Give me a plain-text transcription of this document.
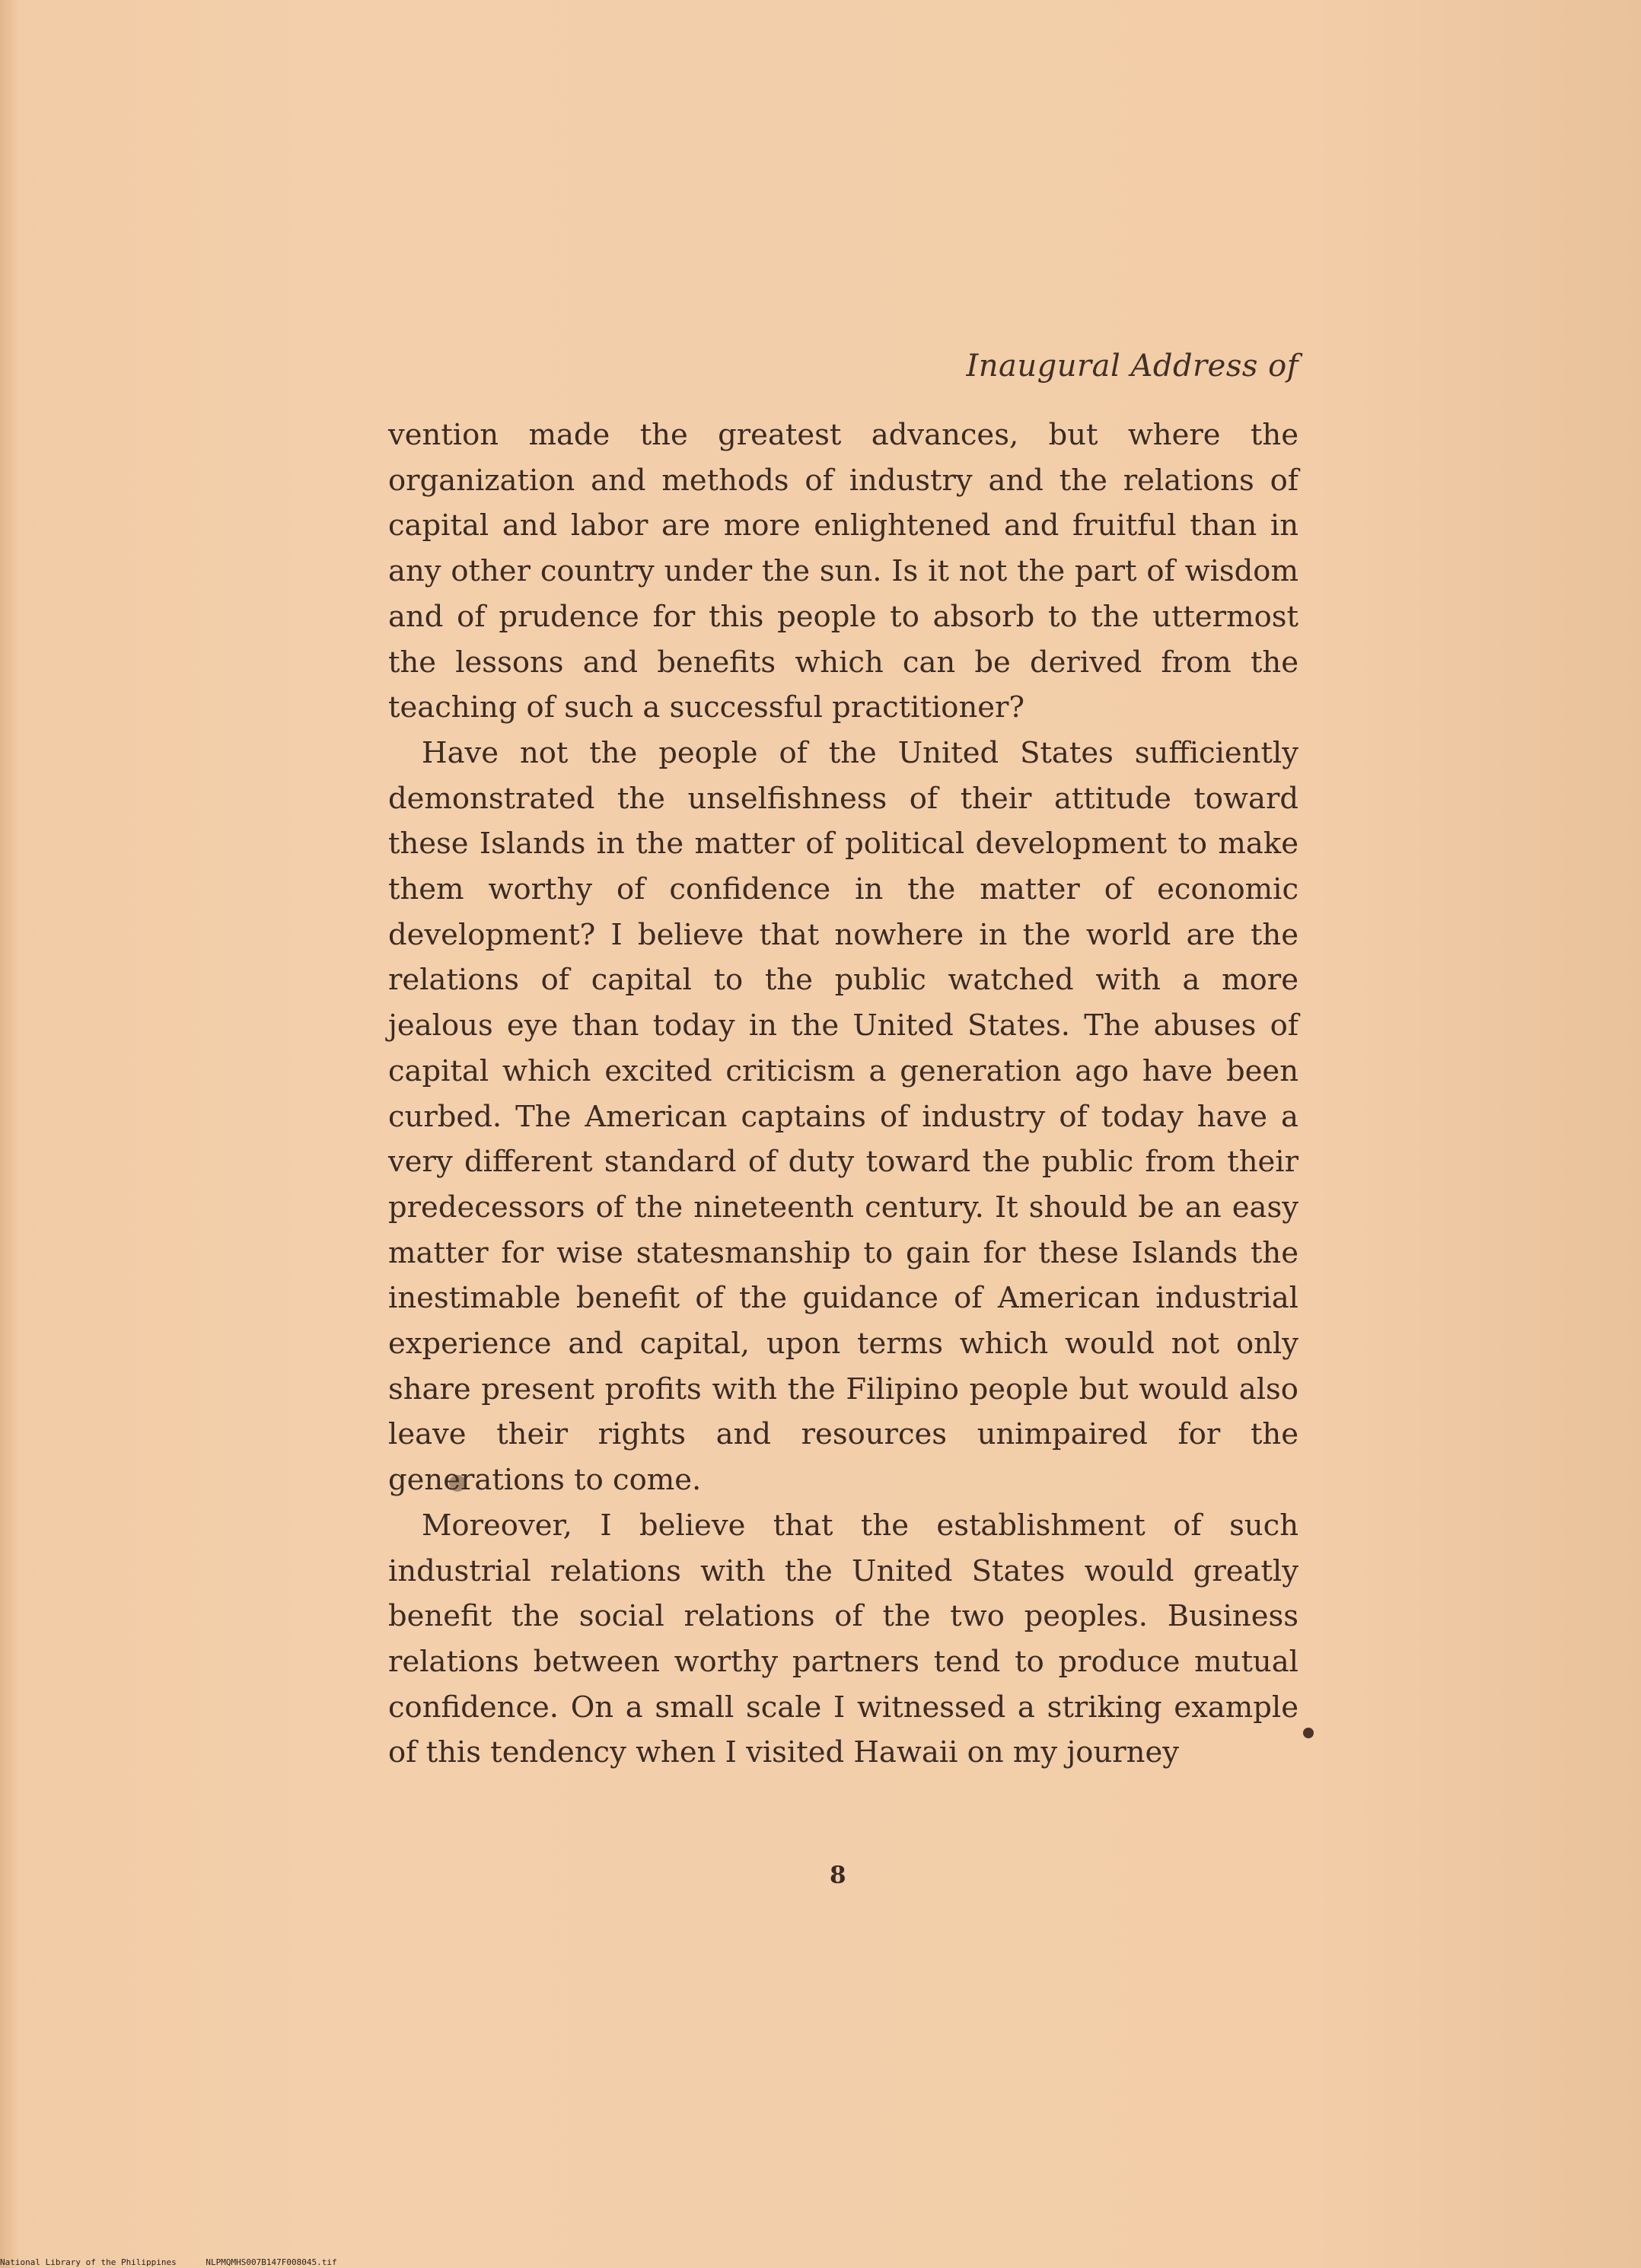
Inaugural Address of

vention made the greatest advances, but where the organization and methods of industry and the relations of capital and labor are more enlightened and fruitful than in any other country under the sun. Is it not the part of wisdom and of prudence for this people to absorb to the uttermost the lessons and benefits which can be derived from the teaching of such a successful practitioner?

Have not the people of the United States sufficiently demonstrated the unselfishness of their attitude toward these Islands in the matter of political development to make them worthy of confidence in the matter of economic development? I believe that nowhere in the world are the relations of capital to the public watched with a more jealous eye than today in the United States. The abuses of capital which excited criticism a generation ago have been curbed. The American captains of industry of today have a very different standard of duty toward the public from their predecessors of the nineteenth century. It should be an easy matter for wise statesmanship to gain for these Islands the inestimable benefit of the guidance of American industrial experience and capital, upon terms which would not only share present profits with the Filipino people but would also leave their rights and resources unimpaired for the generations to come.

Moreover, I believe that the establishment of such industrial relations with the United States would greatly benefit the social relations of the two peoples. Business relations between worthy partners tend to produce mutual confidence. On a small scale I witnessed a striking example of this tendency when I visited Hawaii on my journey

8
National Library of the Philippines	NLPMQMHS007B147F008045.tif
